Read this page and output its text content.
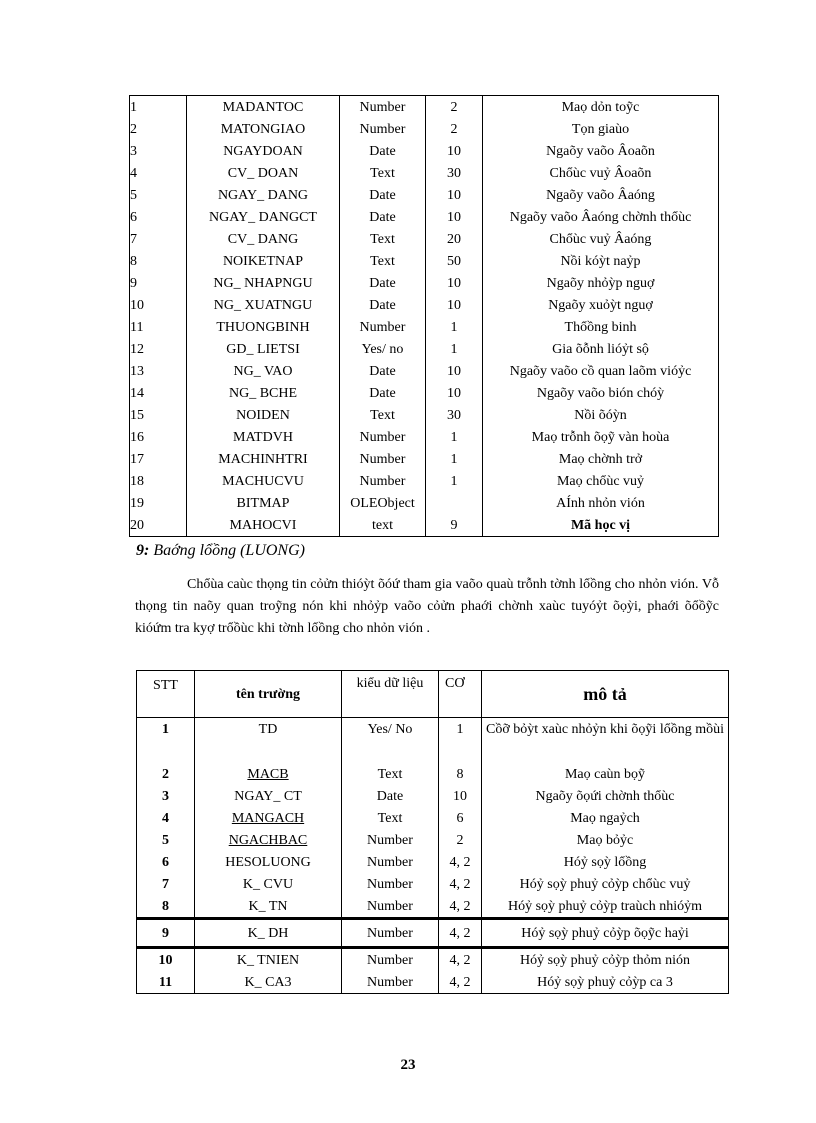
1	MADANTOC	Number	2	Maọ dỏn toỹc
2	MATONGIAO	Number	2	Tọn giaùo
3	NGAYDOAN	Date	10	Ngaõy vaõo Âoaõn
4	CV_ DOAN	Text	30	Chổùc vuỷ Âoaõn
5	NGAY_ DANG	Date	10	Ngaõy vaõo Âaóng
6	NGAY_ DANGCT	Date	10	Ngaõy vaõo Âaóng chờnh thổùc
7	CV_ DANG	Text	20	Chổùc vuỷ Âaóng
8	NOIKETNAP	Text	50	Nồi kóỳt naỷp
9	NG_ NHAPNGU	Date	10	Ngaõy nhỏỳp nguợ
10	NG_ XUATNGU	Date	10	Ngaõy xuỏỳt nguợ
11	THUONGBINH	Number	1	Thổồng binh
12	GD_ LIETSI	Yes/ no	1	Gia õỗnh lióỷt sộ
13	NG_ VAO	Date	10	Ngaõy vaõo cồ quan laõm vióỷc
14	NG_ BCHE	Date	10	Ngaõy vaõo bión chóỳ
15	NOIDEN	Text	30	Nồi õóỳn
16	MATDVH	Number	1	Maọ trỗnh õọỹ vàn hoùa
17	MACHINHTRI	Number	1	Maọ chờnh trở
18	MACHUCVU	Number	1	Maọ chổùc vuỷ
19	BITMAP	OLEObject		AÍnh nhỏn vión
20	MAHOCVI	text	9	Mã học vị
9: Baớng lổồng (LUONG)
Chổùa caùc thọng tin cỏửn thióỳt õóứ tham gia vaõo quaù trỗnh tờnh lổồng cho nhỏn vión. Vỗ thọng tin naõy quan troỹng nón khi nhỏỷp vaõo cỏửn phaới chờnh xaùc tuyóỷt õọỳi, phaới õổồỹc kióứm tra kyợ trổồùc khi tờnh lổồng cho nhỏn vión .
STT	tên trường	kiểu dữ liệu	CƠ	mô tả
1	TD	Yes/ No	1	Cồỡ bỏỳt xaùc nhỏỷn khi õọỹi lổồng mồùi
2	MACB	Text	8	Maọ caùn bọỹ
3	NGAY_ CT	Date	10	Ngaõy õọứi chờnh thổùc
4	MANGACH	Text	6	Maọ ngaỷch
5	NGACHBAC	Number	2	Maọ bỏỷc
6	HESOLUONG	Number	4, 2	Hóỷ sọỳ lổồng
7	K_ CVU	Number	4, 2	Hóỷ sọỳ phuỷ cỏỳp chổùc vuỷ
8	K_ TN	Number	4, 2	Hóỷ sọỳ phuỷ cỏỳp traùch nhióỷm
9	K_ DH	Number	4, 2	Hóỷ sọỳ phuỷ cỏỳp õọỹc haỷi
10	K_ TNIEN	Number	4, 2	Hóỷ sọỳ phuỷ cỏỳp thỏm nión
11	K_ CA3	Number	4, 2	Hóỷ sọỳ phuỷ cỏỳp ca 3
23
